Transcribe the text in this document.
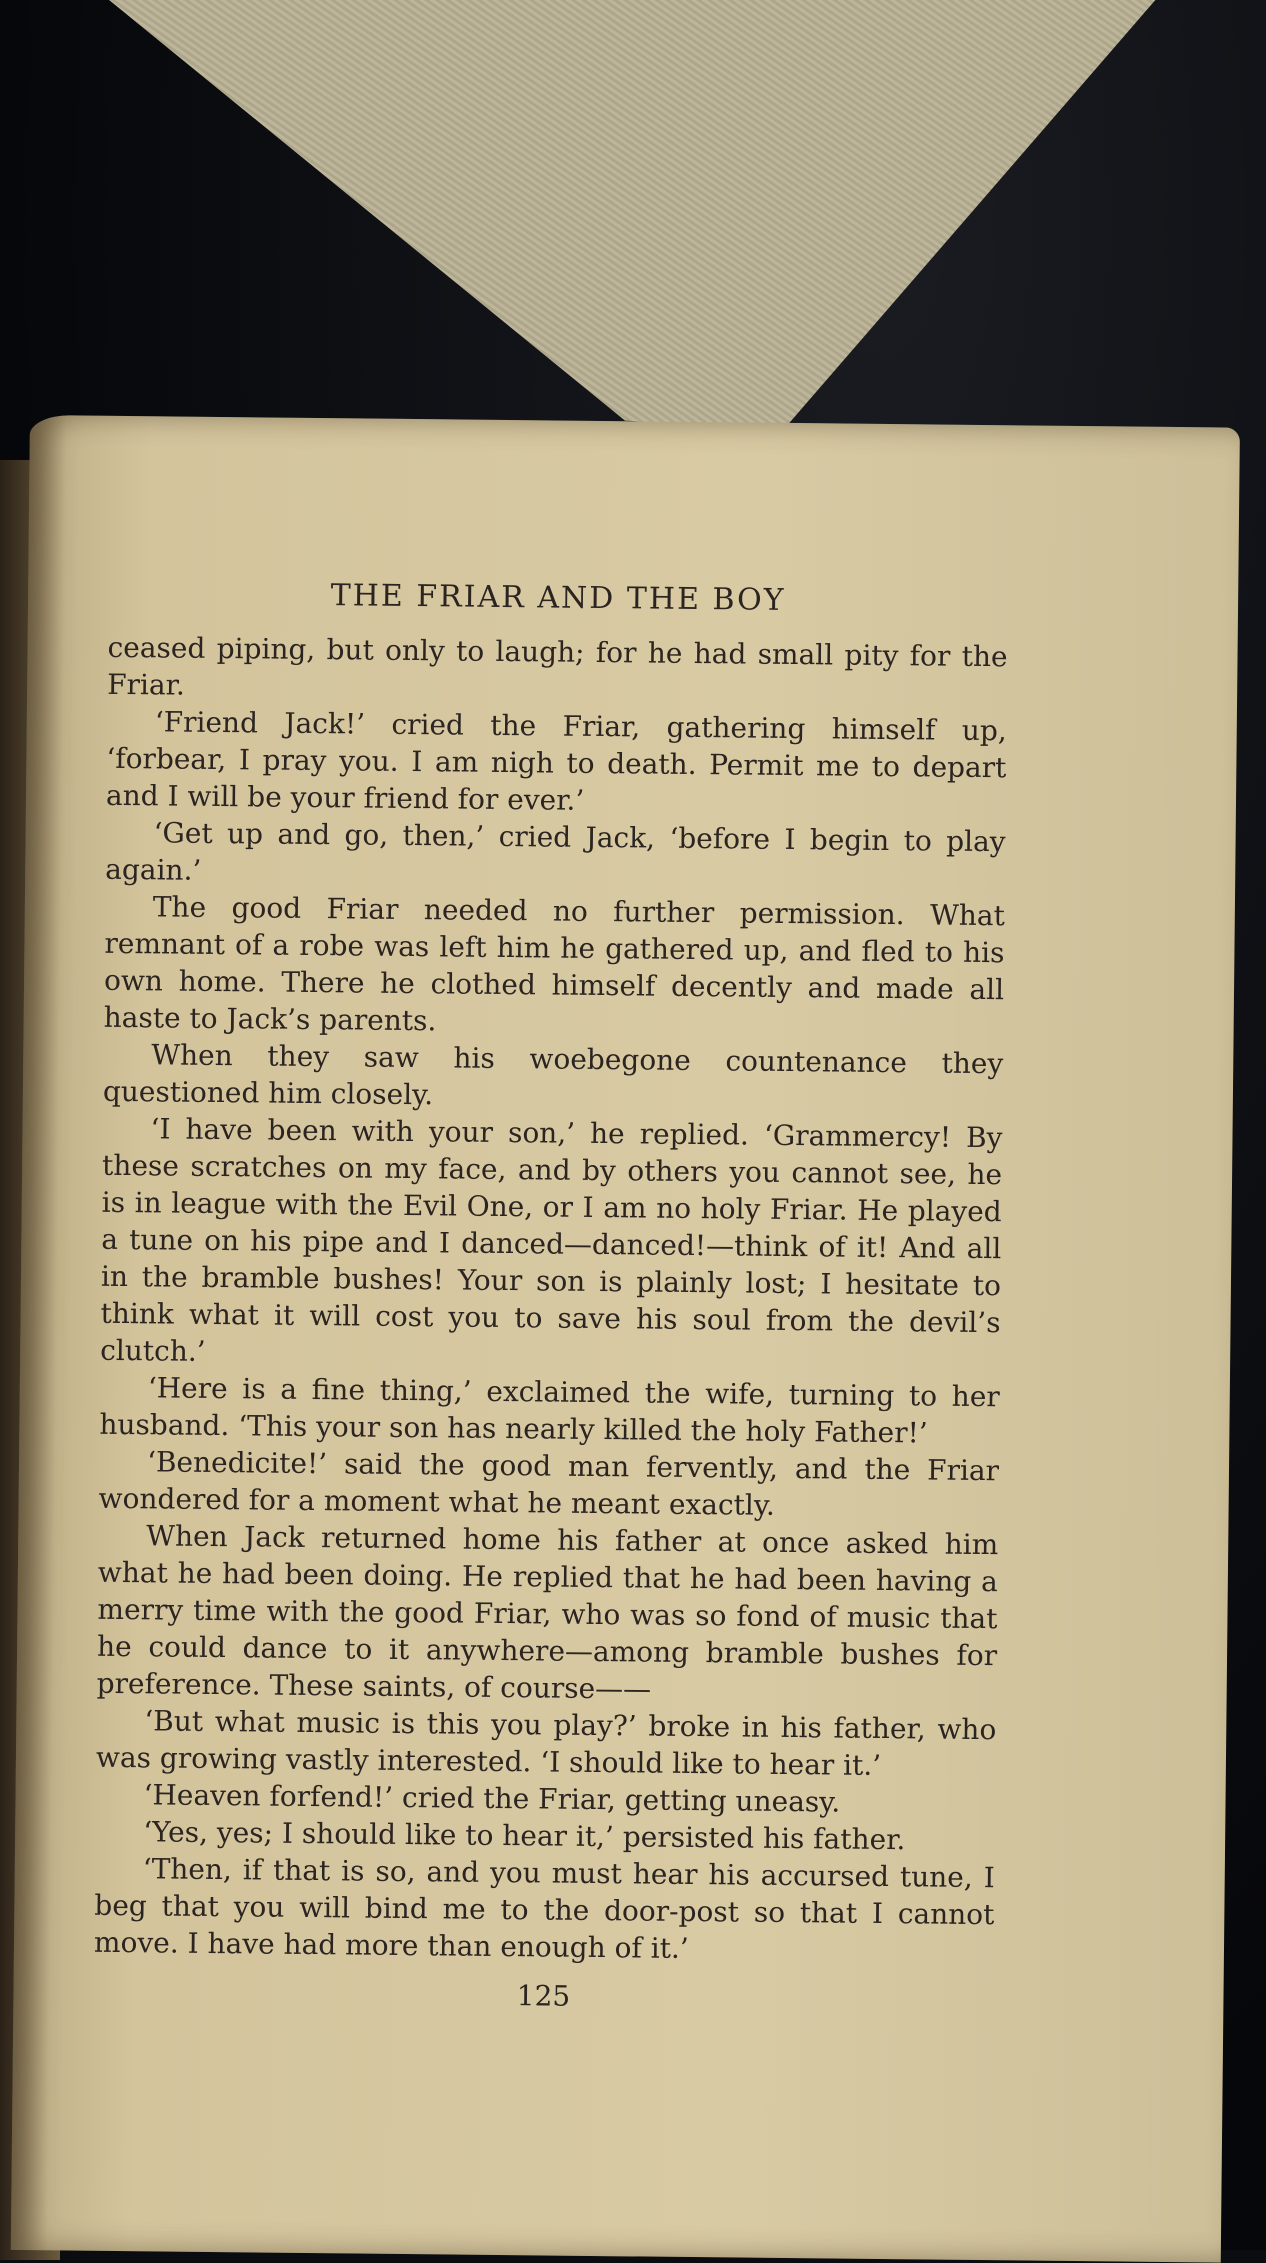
THE FRIAR AND THE BOY

ceased piping, but only to laugh; for he had small pity for the Friar.

‘Friend Jack!’ cried the Friar, gathering himself up, ‘forbear, I pray you. I am nigh to death. Permit me to depart and I will be your friend for ever.’

‘Get up and go, then,’ cried Jack, ‘before I begin to play again.’

The good Friar needed no further permission. What remnant of a robe was left him he gathered up, and fled to his own home. There he clothed himself decently and made all haste to Jack’s parents.

When they saw his woebegone countenance they questioned him closely.

‘I have been with your son,’ he replied. ‘Grammercy! By these scratches on my face, and by others you cannot see, he is in league with the Evil One, or I am no holy Friar. He played a tune on his pipe and I danced—danced!—think of it! And all in the bramble bushes! Your son is plainly lost; I hesitate to think what it will cost you to save his soul from the devil’s clutch.’

‘Here is a fine thing,’ exclaimed the wife, turning to her husband. ‘This your son has nearly killed the holy Father!’

‘Benedicite!’ said the good man fervently, and the Friar wondered for a moment what he meant exactly.

When Jack returned home his father at once asked him what he had been doing. He replied that he had been having a merry time with the good Friar, who was so fond of music that he could dance to it anywhere—among bramble bushes for preference. These saints, of course——

‘But what music is this you play?’ broke in his father, who was growing vastly interested. ‘I should like to hear it.’

‘Heaven forfend!’ cried the Friar, getting uneasy.

‘Yes, yes; I should like to hear it,’ persisted his father.

‘Then, if that is so, and you must hear his accursed tune, I beg that you will bind me to the door-post so that I cannot move. I have had more than enough of it.’

125
